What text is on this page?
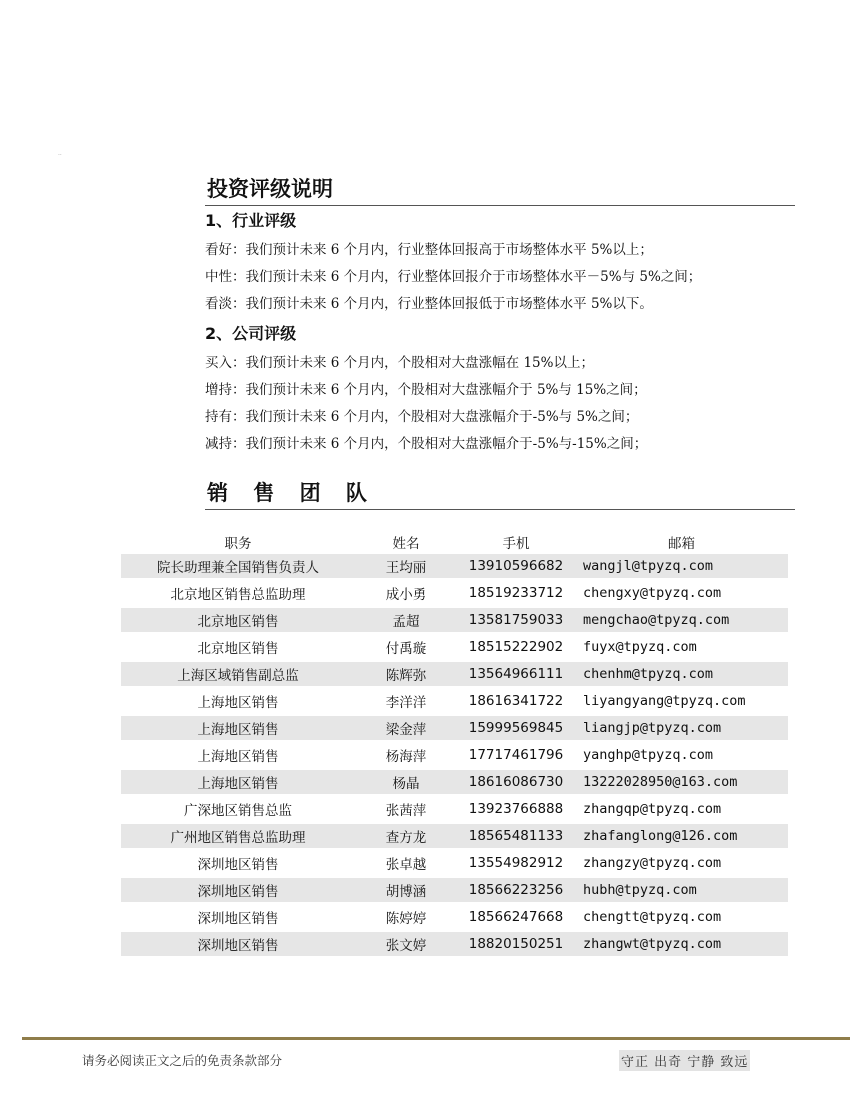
..
投资评级说明
1、行业评级
看好：我们预计未来 6 个月内，行业整体回报高于市场整体水平 5%以上；
中性：我们预计未来 6 个月内，行业整体回报介于市场整体水平－5%与 5%之间；
看淡：我们预计未来 6 个月内，行业整体回报低于市场整体水平 5%以下。
2、公司评级
买入：我们预计未来 6 个月内，个股相对大盘涨幅在 15%以上；
增持：我们预计未来 6 个月内，个股相对大盘涨幅介于 5%与 15%之间；
持有：我们预计未来 6 个月内，个股相对大盘涨幅介于-5%与 5%之间；
减持：我们预计未来 6 个月内，个股相对大盘涨幅介于-5%与-15%之间；
销 售 团 队
职务	姓名	手机	邮箱
院长助理兼全国销售负责人	王均丽	13910596682	wangjl@tpyzq.com
北京地区销售总监助理	成小勇	18519233712	chengxy@tpyzq.com
北京地区销售	孟超	13581759033	mengchao@tpyzq.com
北京地区销售	付禹璇	18515222902	fuyx@tpyzq.com
上海区域销售副总监	陈辉弥	13564966111	chenhm@tpyzq.com
上海地区销售	李洋洋	18616341722	liyangyang@tpyzq.com
上海地区销售	梁金萍	15999569845	liangjp@tpyzq.com
上海地区销售	杨海萍	17717461796	yanghp@tpyzq.com
上海地区销售	杨晶	18616086730	13222028950@163.com
广深地区销售总监	张茜萍	13923766888	zhangqp@tpyzq.com
广州地区销售总监助理	查方龙	18565481133	zhafanglong@126.com
深圳地区销售	张卓越	13554982912	zhangzy@tpyzq.com
深圳地区销售	胡博涵	18566223256	hubh@tpyzq.com
深圳地区销售	陈婷婷	18566247668	chengtt@tpyzq.com
深圳地区销售	张文婷	18820150251	zhangwt@tpyzq.com
请务必阅读正文之后的免责条款部分	守正 出奇 宁静 致远
